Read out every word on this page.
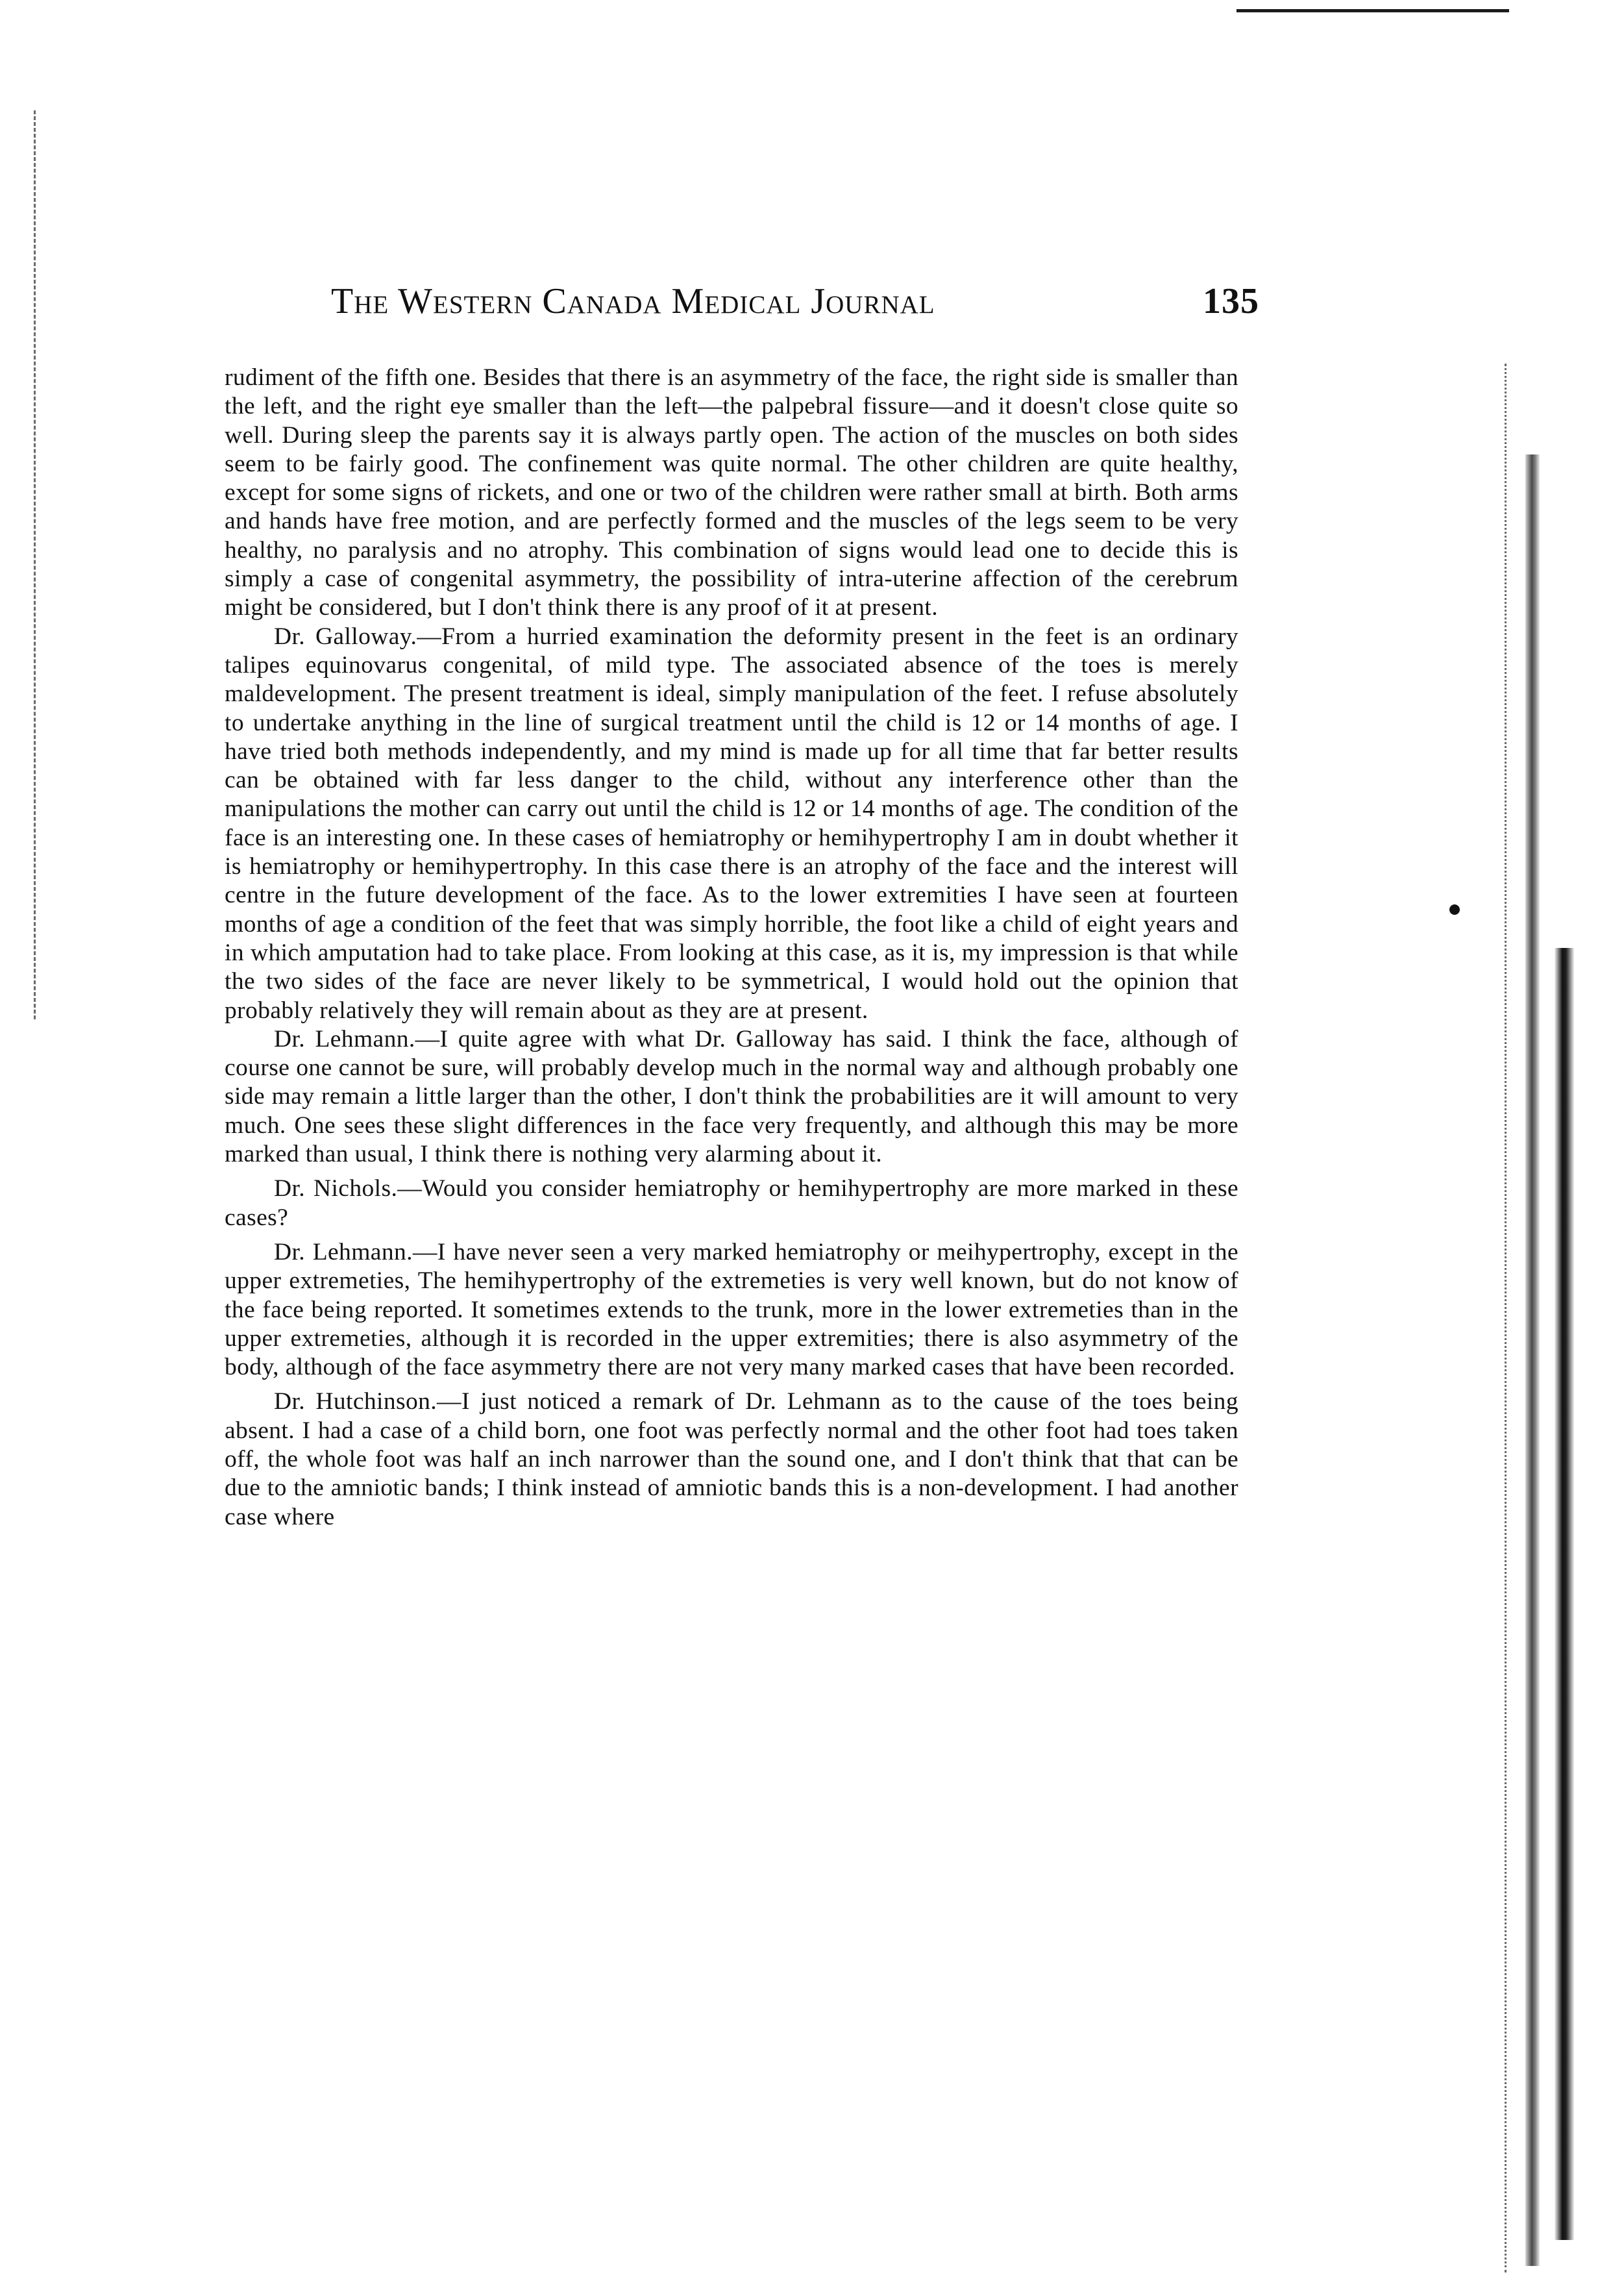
The Western Canada Medical Journal	135

rudiment of the fifth one. Besides that there is an asymmetry of the face, the right side is smaller than the left, and the right eye smaller than the left—the palpebral fissure—and it doesn't close quite so well. During sleep the parents say it is always partly open. The action of the muscles on both sides seem to be fairly good. The confinement was quite normal. The other children are quite healthy, except for some signs of rickets, and one or two of the children were rather small at birth. Both arms and hands have free motion, and are perfectly formed and the muscles of the legs seem to be very healthy, no paralysis and no atrophy. This combination of signs would lead one to decide this is simply a case of congenital asymmetry, the possibility of intra-uterine affection of the cerebrum might be considered, but I don't think there is any proof of it at present.

Dr. Galloway.—From a hurried examination the deformity present in the feet is an ordinary talipes equinovarus congenital, of mild type. The associated absence of the toes is merely maldevelopment. The present treatment is ideal, simply manipulation of the feet. I refuse absolutely to undertake anything in the line of surgical treatment until the child is 12 or 14 months of age. I have tried both methods independently, and my mind is made up for all time that far better results can be obtained with far less danger to the child, without any interference other than the manipulations the mother can carry out until the child is 12 or 14 months of age. The condition of the face is an interesting one. In these cases of hemiatrophy or hemihypertrophy I am in doubt whether it is hemiatrophy or hemihypertrophy. In this case there is an atrophy of the face and the interest will centre in the future development of the face. As to the lower extremities I have seen at fourteen months of age a condition of the feet that was simply horrible, the foot like a child of eight years and in which amputation had to take place. From looking at this case, as it is, my impression is that while the two sides of the face are never likely to be symmetrical, I would hold out the opinion that probably relatively they will remain about as they are at present.

Dr. Lehmann.—I quite agree with what Dr. Galloway has said. I think the face, although of course one cannot be sure, will probably develop much in the normal way and although probably one side may remain a little larger than the other, I don't think the probabilities are it will amount to very much. One sees these slight differences in the face very frequently, and although this may be more marked than usual, I think there is nothing very alarming about it.

Dr. Nichols.—Would you consider hemiatrophy or hemihypertrophy are more marked in these cases?

Dr. Lehmann.—I have never seen a very marked hemiatrophy or meihypertrophy, except in the upper extremeties, The hemihypertrophy of the extremeties is very well known, but do not know of the face being reported. It sometimes extends to the trunk, more in the lower extremeties than in the upper extremeties, although it is recorded in the upper extremities; there is also asymmetry of the body, although of the face asymmetry there are not very many marked cases that have been recorded.

Dr. Hutchinson.—I just noticed a remark of Dr. Lehmann as to the cause of the toes being absent. I had a case of a child born, one foot was perfectly normal and the other foot had toes taken off, the whole foot was half an inch narrower than the sound one, and I don't think that that can be due to the amniotic bands; I think instead of amniotic bands this is a non-development. I had another case where
